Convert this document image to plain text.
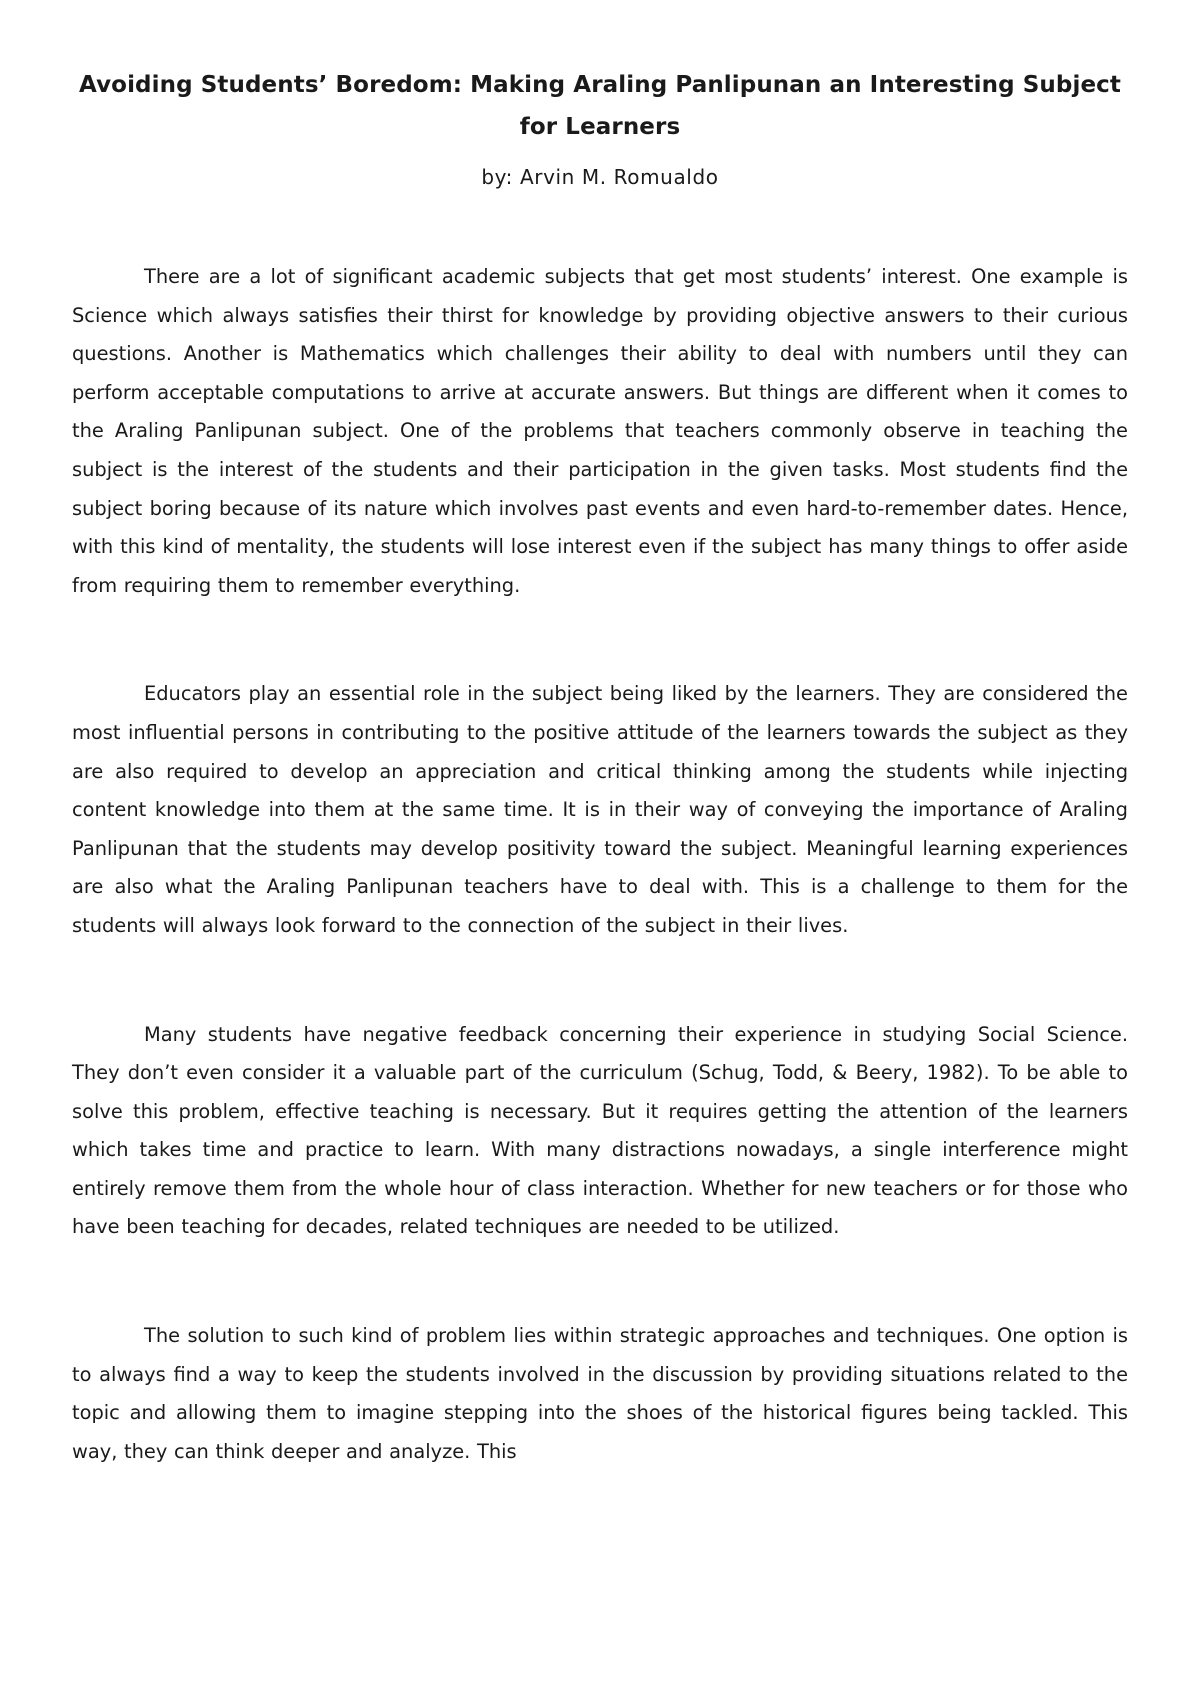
Avoiding Students’ Boredom: Making Araling Panlipunan an Interesting Subject for Learners

by: Arvin M. Romualdo

There are a lot of significant academic subjects that get most students’ interest. One example is Science which always satisfies their thirst for knowledge by providing objective answers to their curious questions. Another is Mathematics which challenges their ability to deal with numbers until they can perform acceptable computations to arrive at accurate answers. But things are different when it comes to the Araling Panlipunan subject. One of the problems that teachers commonly observe in teaching the subject is the interest of the students and their participation in the given tasks. Most students find the subject boring because of its nature which involves past events and even hard-to-remember dates. Hence, with this kind of mentality, the students will lose interest even if the subject has many things to offer aside from requiring them to remember everything.

Educators play an essential role in the subject being liked by the learners. They are considered the most influential persons in contributing to the positive attitude of the learners towards the subject as they are also required to develop an appreciation and critical thinking among the students while injecting content knowledge into them at the same time. It is in their way of conveying the importance of Araling Panlipunan that the students may develop positivity toward the subject. Meaningful learning experiences are also what the Araling Panlipunan teachers have to deal with. This is a challenge to them for the students will always look forward to the connection of the subject in their lives.

Many students have negative feedback concerning their experience in studying Social Science. They don’t even consider it a valuable part of the curriculum (Schug, Todd, & Beery, 1982). To be able to solve this problem, effective teaching is necessary. But it requires getting the attention of the learners which takes time and practice to learn. With many distractions nowadays, a single interference might entirely remove them from the whole hour of class interaction. Whether for new teachers or for those who have been teaching for decades, related techniques are needed to be utilized.

The solution to such kind of problem lies within strategic approaches and techniques. One option is to always find a way to keep the students involved in the discussion by providing situations related to the topic and allowing them to imagine stepping into the shoes of the historical figures being tackled. This way, they can think deeper and analyze. This
